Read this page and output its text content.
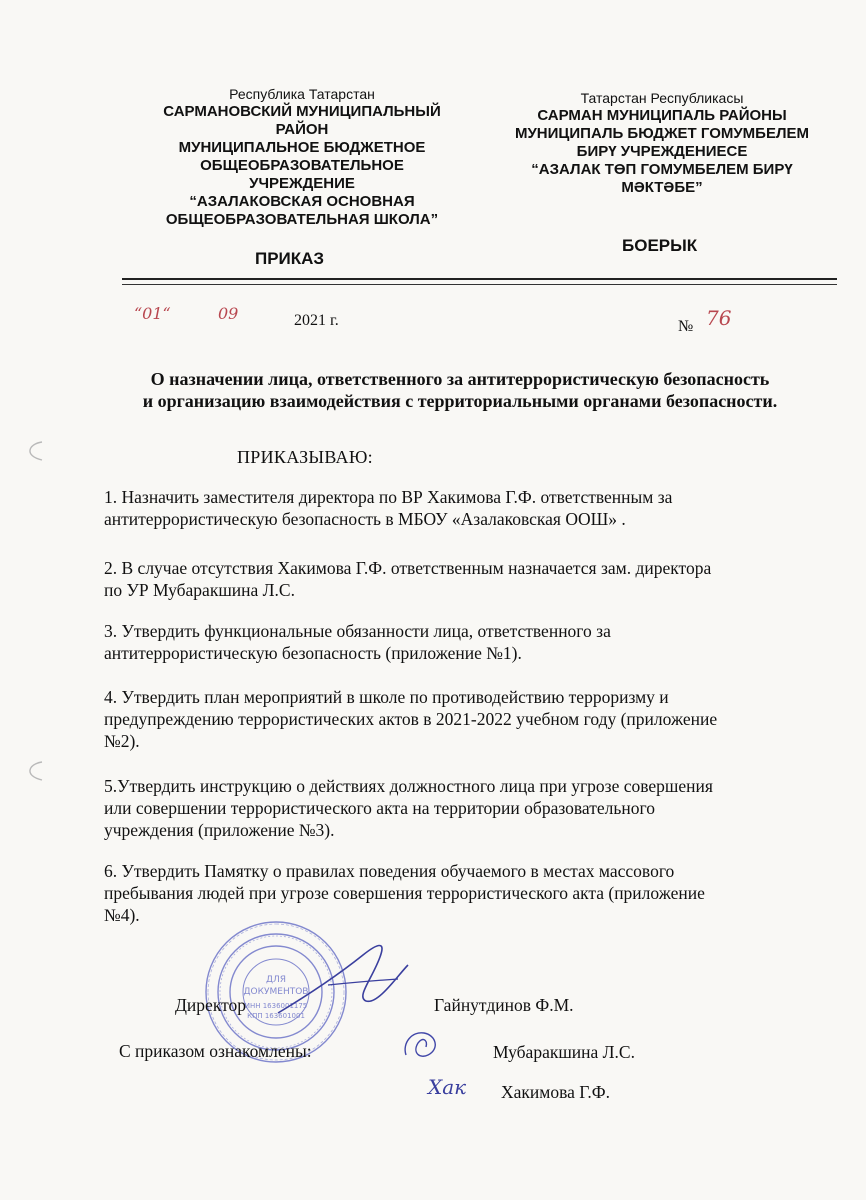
Республика Татарстан
САРМАНОВСКИЙ МУНИЦИПАЛЬНЫЙ
РАЙОН
МУНИЦИПАЛЬНОЕ БЮДЖЕТНОЕ
ОБЩЕОБРАЗОВАТЕЛЬНОЕ
УЧРЕЖДЕНИЕ
“АЗАЛАКОВСКАЯ ОСНОВНАЯ
ОБЩЕОБРАЗОВАТЕЛЬНАЯ ШКОЛА”
ПРИКАЗ
Татарстан Республикасы
САРМАН МУНИЦИПАЛЬ РАЙОНЫ
МУНИЦИПАЛЬ БЮДЖЕТ ГОМУМБЕЛЕМ
БИРҮ УЧРЕЖДЕНИЕСЕ
“АЗАЛАК ТӨП ГОМУМБЕЛЕМ БИРҮ
МӘКТӘБЕ”
БОЕРЫК
“01“	09	2021 г.	№ 76
О назначении лица, ответственного за антитеррористическую безопасность
и организацию взаимодействия с территориальными органами безопасности.
ПРИКАЗЫВАЮ:
1. Назначить заместителя директора по ВР Хакимова Г.Ф. ответственным за
антитеррористическую безопасность в МБОУ «Азалаковская ООШ» .
2. В случае отсутствия Хакимова Г.Ф. ответственным назначается зам. директора
по УР Мубаракшина Л.С.
3. Утвердить функциональные обязанности лица, ответственного за
антитеррористическую безопасность (приложение №1).
4. Утвердить план мероприятий в школе по противодействию терроризму и
предупреждению террористических актов в 2021-2022 учебном году (приложение
№2).
5.Утвердить инструкцию о действиях должностного лица при угрозе совершения
или совершении террористического акта на территории образовательного
учреждения (приложение №3).
6. Утвердить Памятку о правилах поведения обучаемого в местах массового
пребывания людей при угрозе совершения террористического акта (приложение
№4).
ДЛЯ
ДОКУМЕНТОВ
ИНН 1636001175
КПП 163601001
Директор	Гайнутдинов Ф.М.
С приказом ознакомлены:	Мубаракшина Л.С.
Хак Хакимова Г.Ф.
